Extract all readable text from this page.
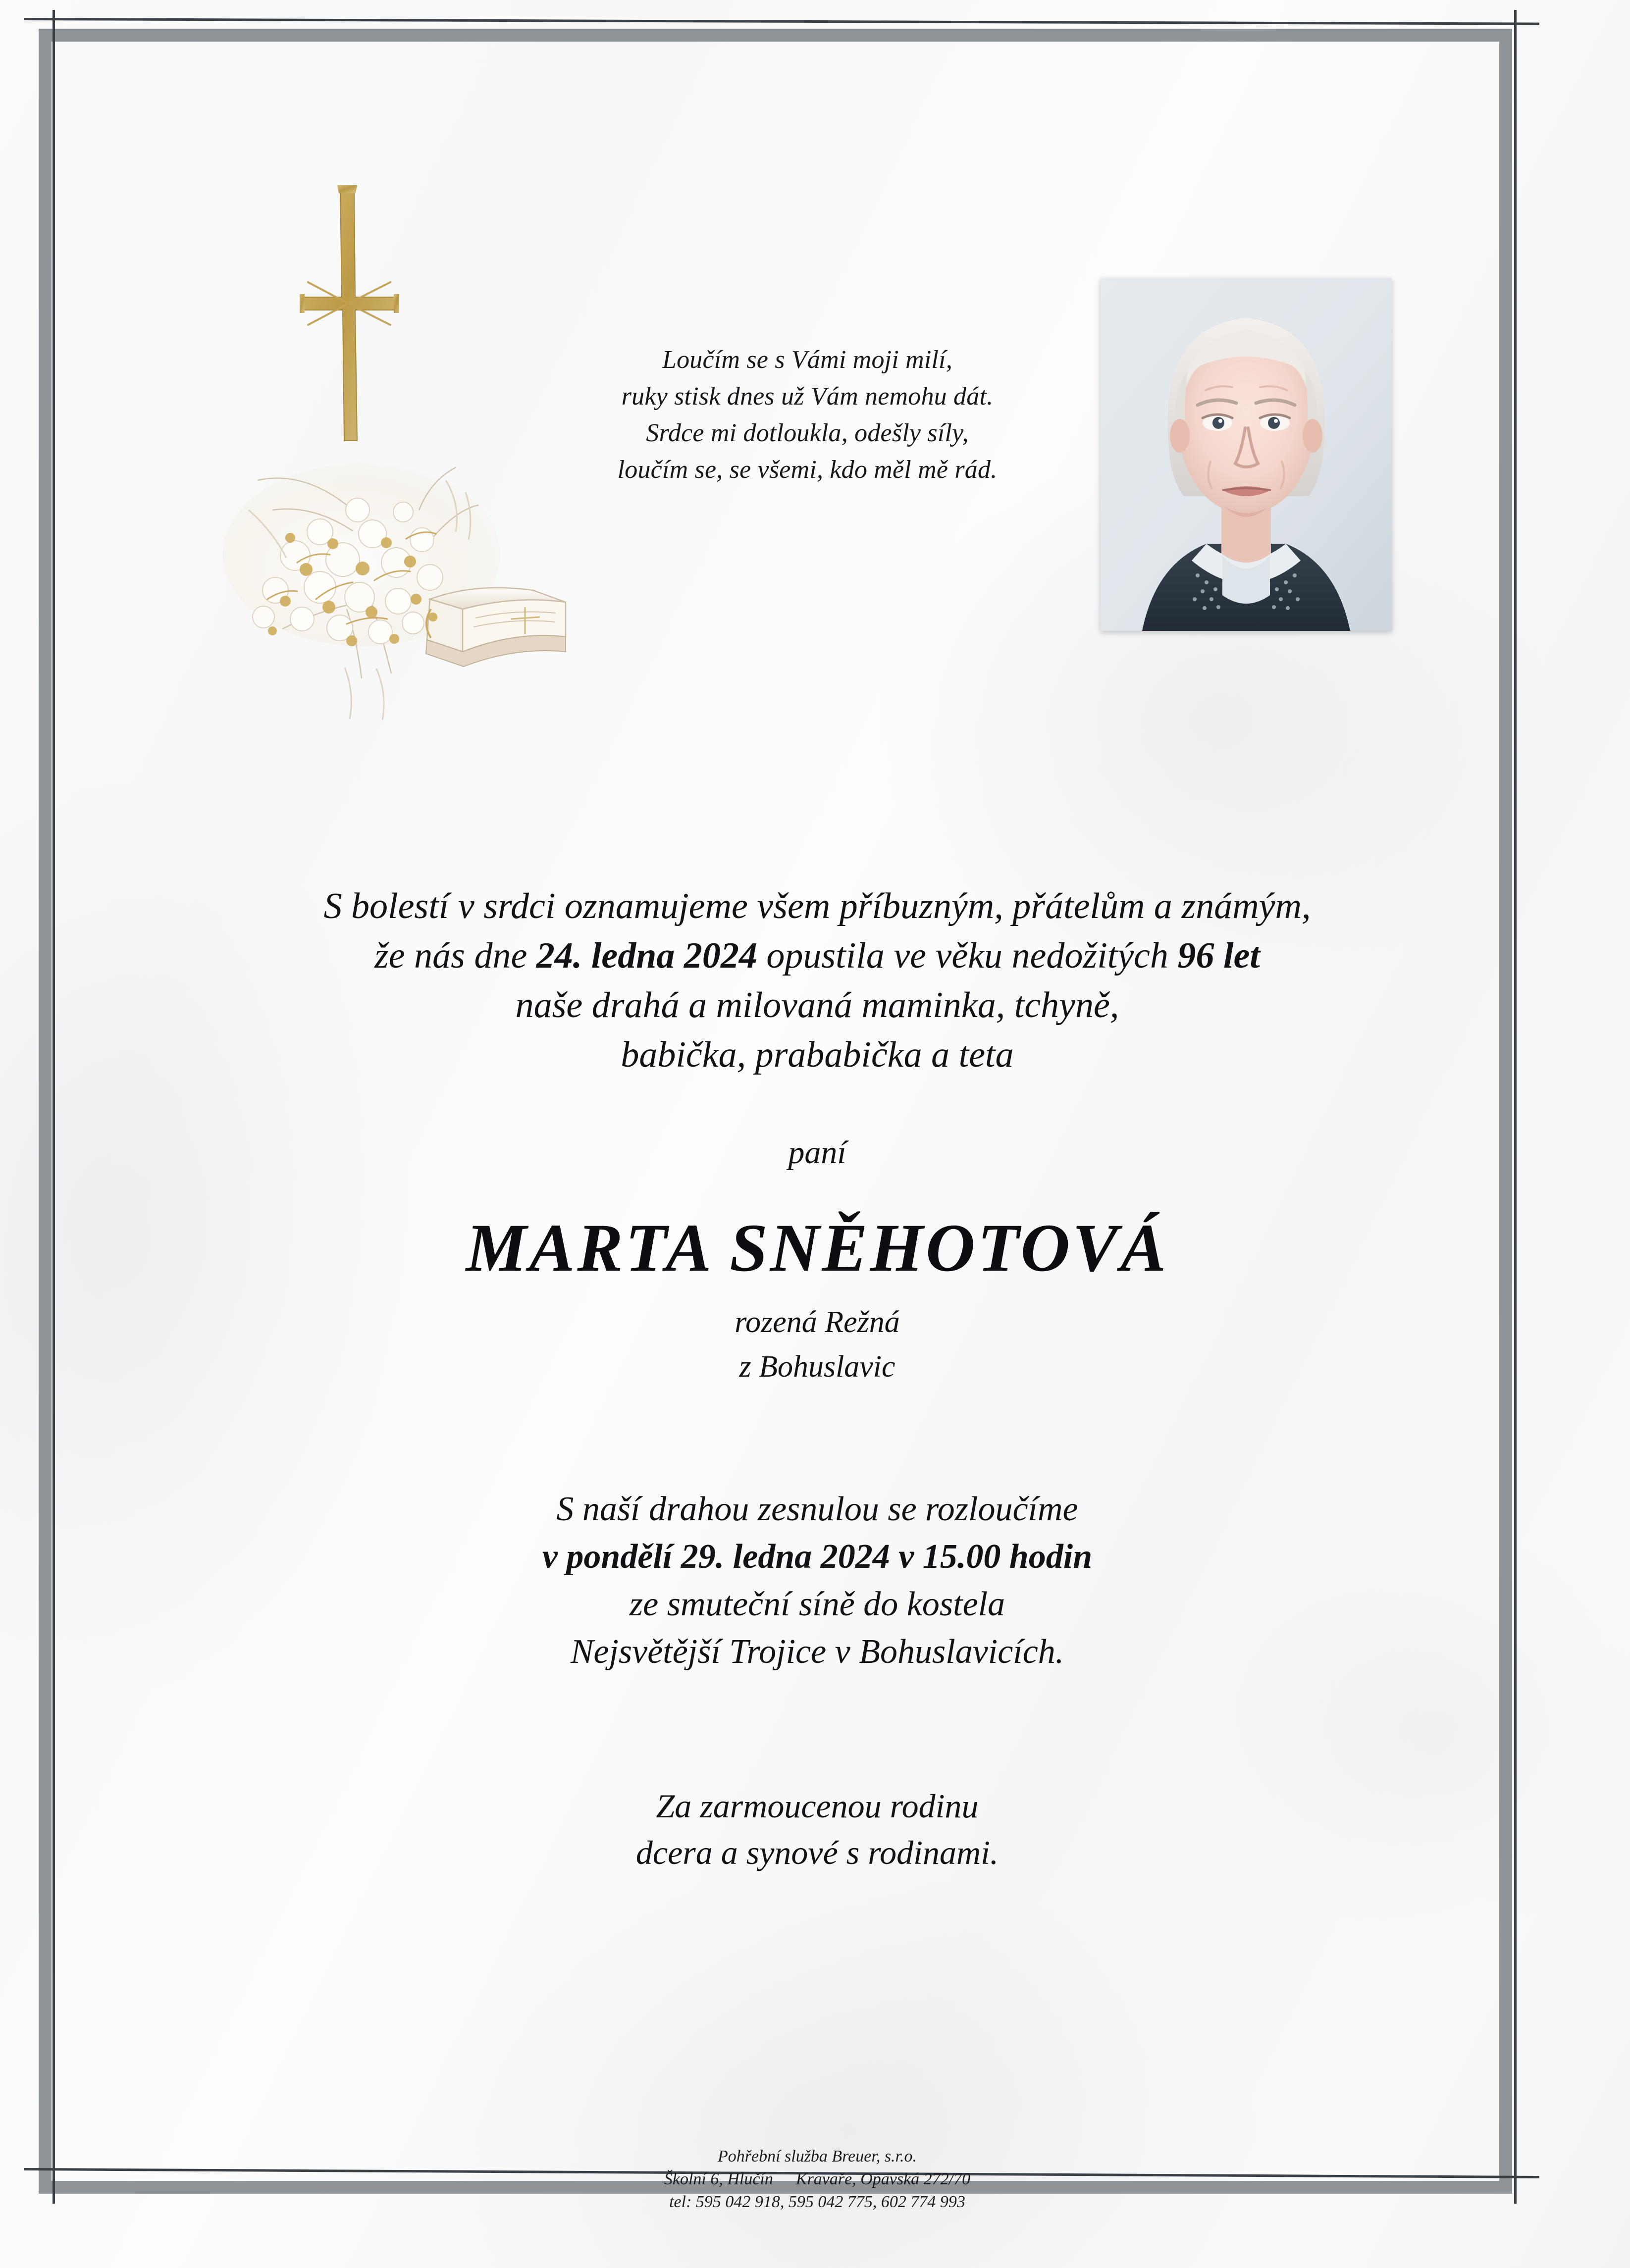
Loučím se s Vámi moji milí,
ruky stisk dnes už Vám nemohu dát.
Srdce mi dotloukla, odešly síly,
loučím se, se všemi, kdo měl mě rád.
S bolestí v srdci oznamujeme všem příbuzným, přátelům a známým,
že nás dne 24. ledna 2024 opustila ve věku nedožitých 96 let
naše drahá a milovaná maminka, tchyně,
babička, prababička a teta
paní
MARTA SNĚHOTOVÁ
rozená Režná
z Bohuslavic
S naší drahou zesnulou se rozloučíme
v pondělí 29. ledna 2024 v 15.00 hodin
ze smuteční síně do kostela
Nejsvětější Trojice v Bohuslavicích.
Za zarmoucenou rodinu
dcera a synové s rodinami.
Pohřební služba Breuer, s.r.o.
Školní 6, Hlučín Kravaře, Opavská 272/70
tel: 595 042 918, 595 042 775, 602 774 993
